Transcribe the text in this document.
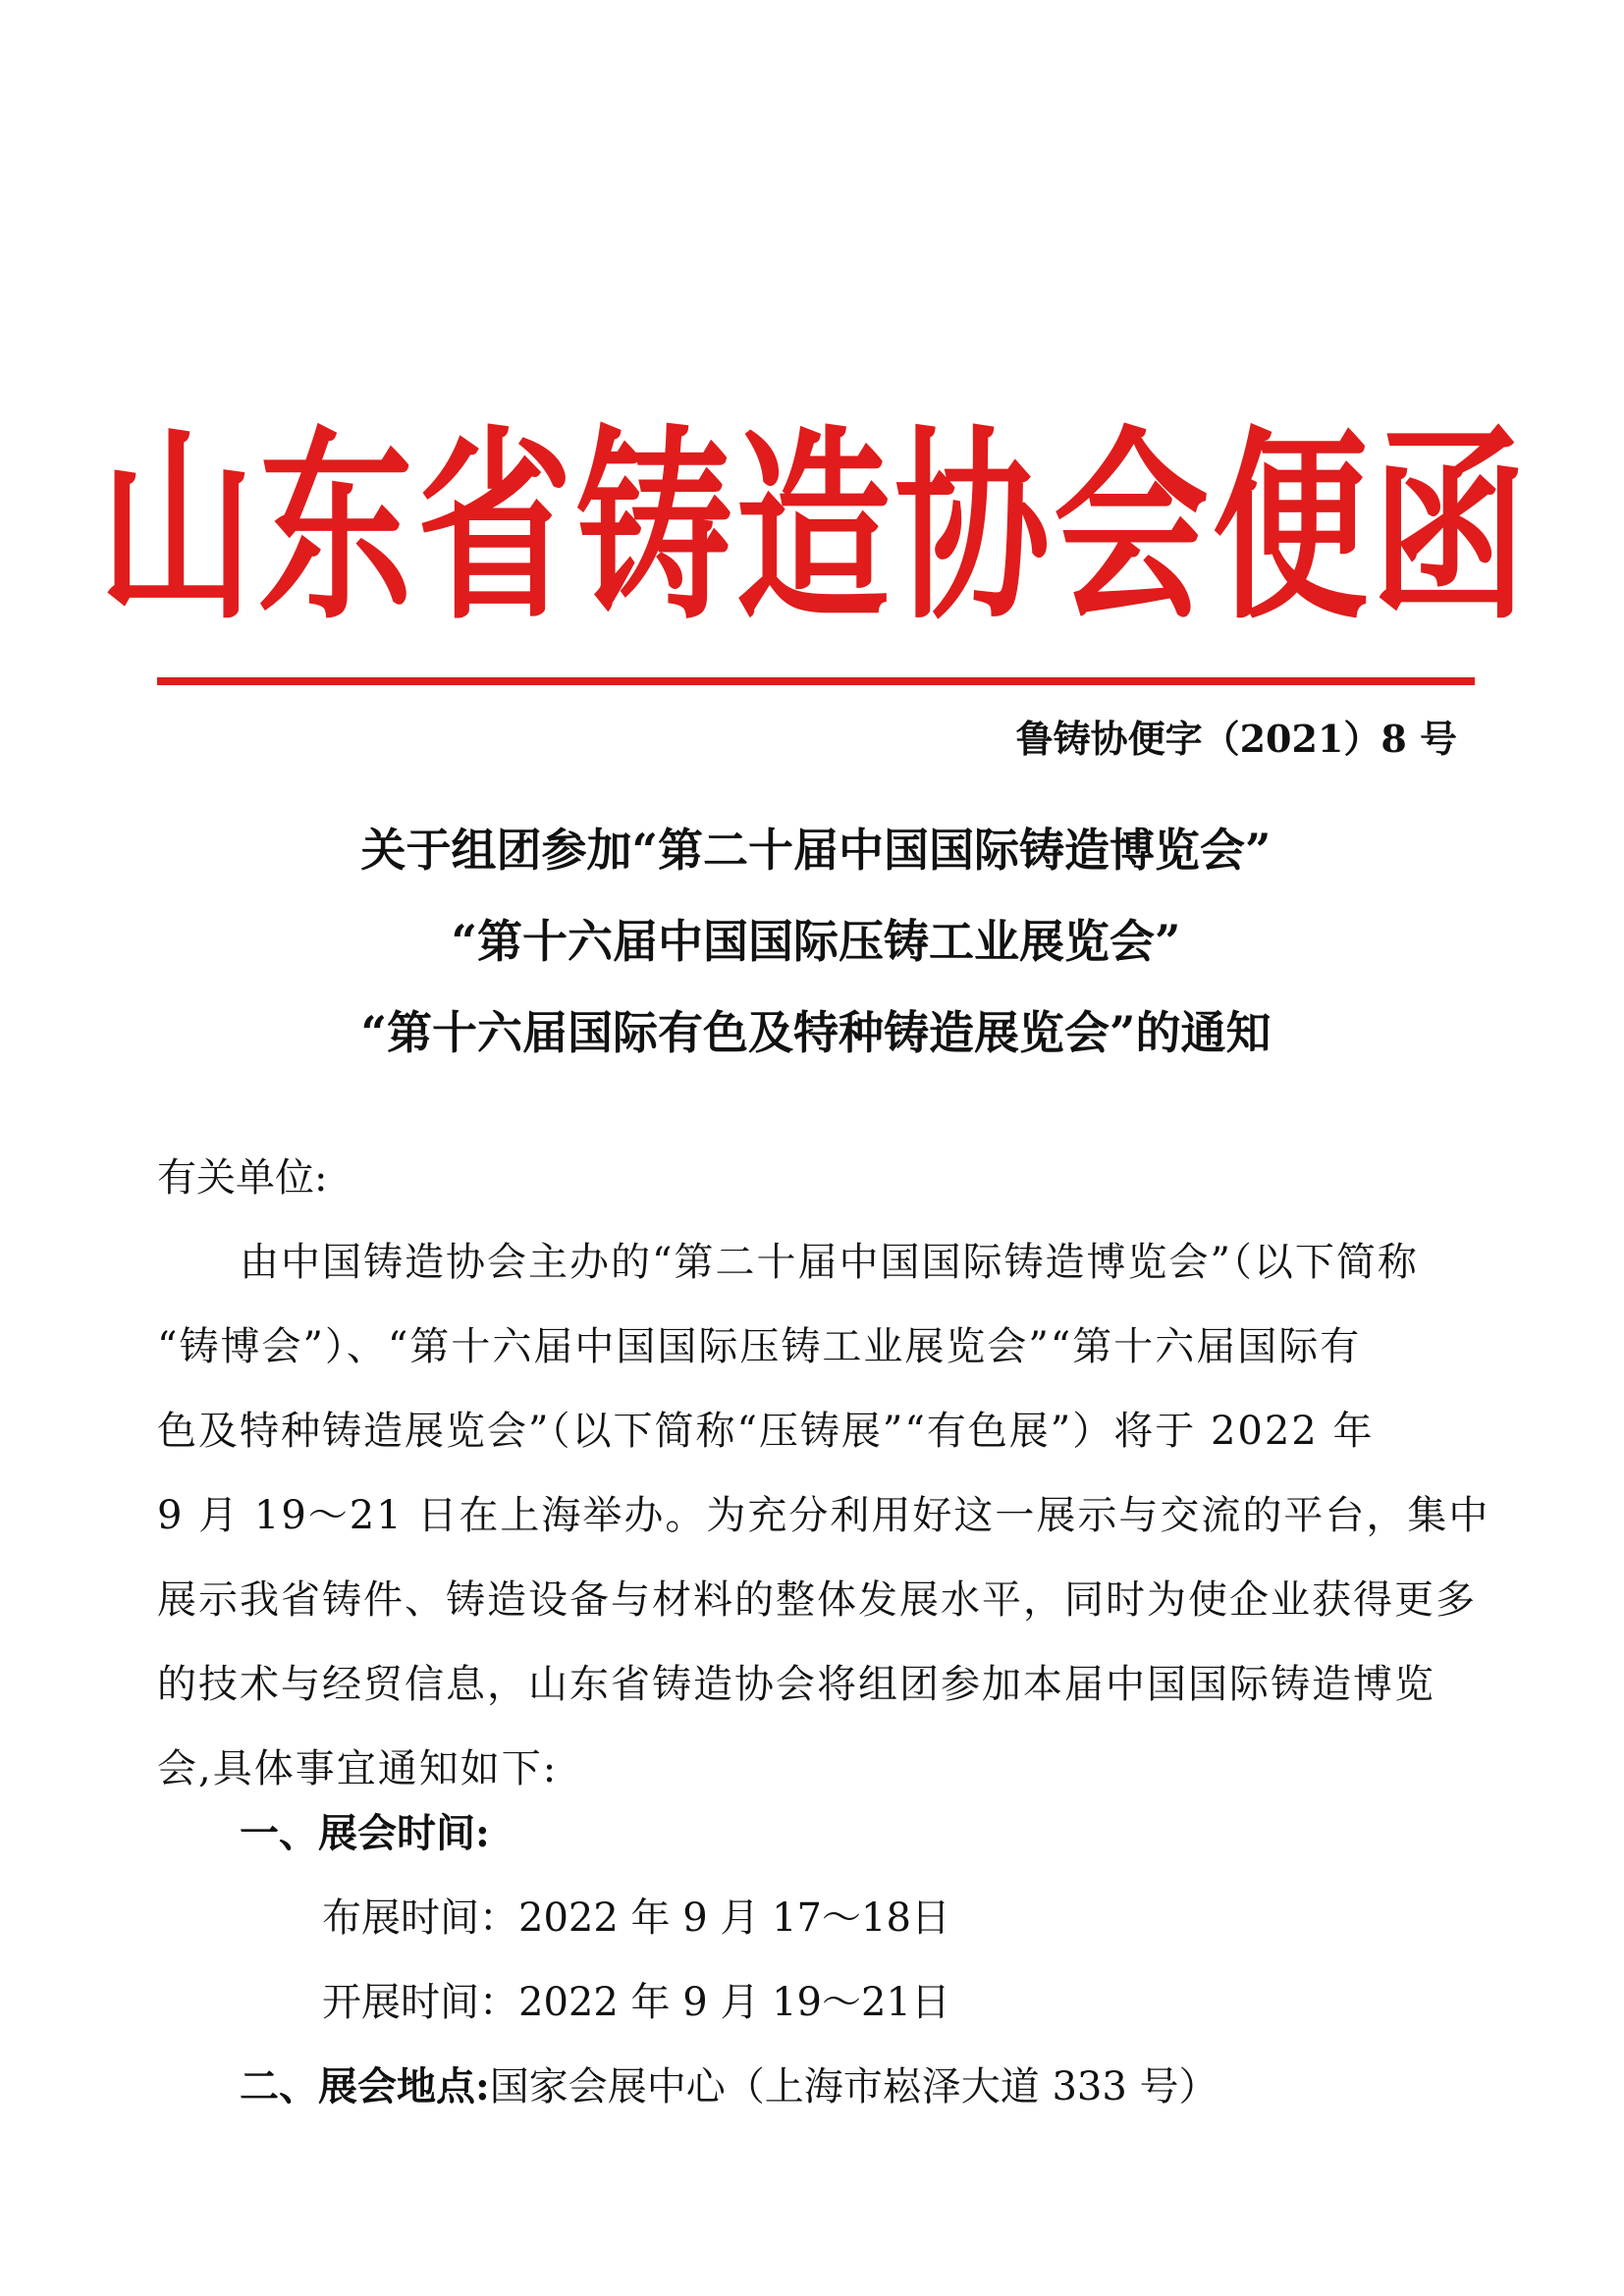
山东省铸造协会便函
鲁铸协便字（2021）8 号
关于组团参加“第二十届中国国际铸造博览会”
“第十六届中国国际压铸工业展览会”
“第十六届国际有色及特种铸造展览会”的通知
有关单位:
由中国铸造协会主办的“第二十届中国国际铸造博览会”（以下简称
“铸博会”）、“第十六届中国国际压铸工业展览会”“第十六届国际有
色及特种铸造展览会”（以下简称“压铸展”“有色展”）将于 2022 年
9 月 19～21 日在上海举办。为充分利用好这一展示与交流的平台，集中
展示我省铸件、铸造设备与材料的整体发展水平，同时为使企业获得更多
的技术与经贸信息，山东省铸造协会将组团参加本届中国国际铸造博览
会,具体事宜通知如下:
一、展会时间:
布展时间：2022 年 9 月 17～18日
开展时间：2022 年 9 月 19～21日
二、展会地点:国家会展中心（上海市崧泽大道 333 号）
